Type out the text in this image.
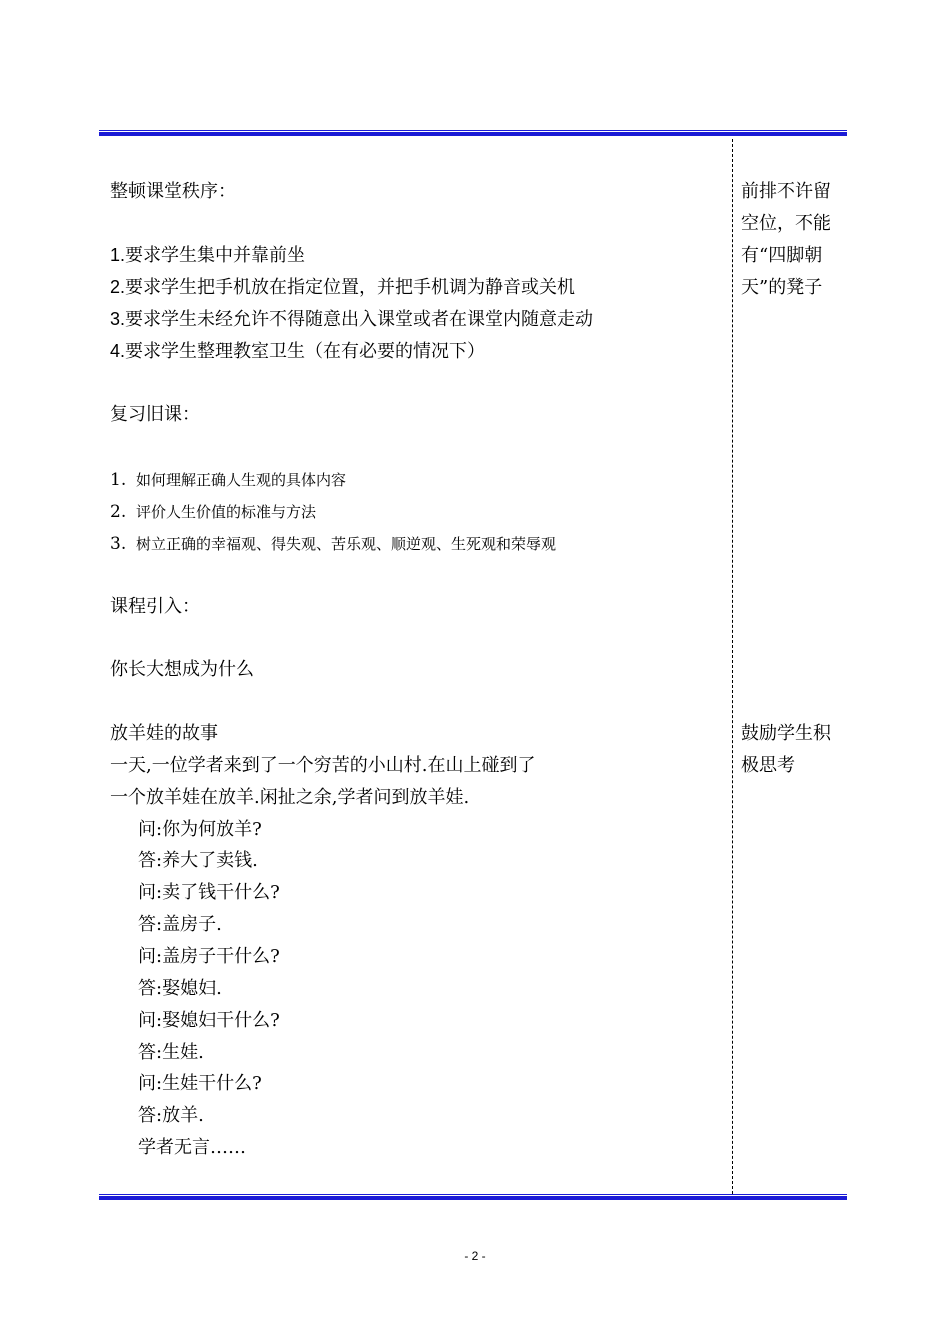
整顿课堂秩序：
1.要求学生集中并靠前坐
2.要求学生把手机放在指定位置，并把手机调为静音或关机
3.要求学生未经允许不得随意出入课堂或者在课堂内随意走动
4.要求学生整理教室卫生（在有必要的情况下）
复习旧课：
1. 如何理解正确人生观的具体内容
2. 评价人生价值的标准与方法
3. 树立正确的幸福观、得失观、苦乐观、顺逆观、生死观和荣辱观
课程引入：
你长大想成为什么
放羊娃的故事
一天,一位学者来到了一个穷苦的小山村.在山上碰到了
一个放羊娃在放羊.闲扯之余,学者问到放羊娃.
问:你为何放羊?
答:养大了卖钱.
问:卖了钱干什么?
答:盖房子.
问:盖房子干什么?
答:娶媳妇.
问:娶媳妇干什么?
答:生娃.
问:生娃干什么?
答:放羊.
学者无言……
前排不许留
空位，不能
有“四脚朝
天”的凳子
鼓励学生积
极思考
- 2 -
